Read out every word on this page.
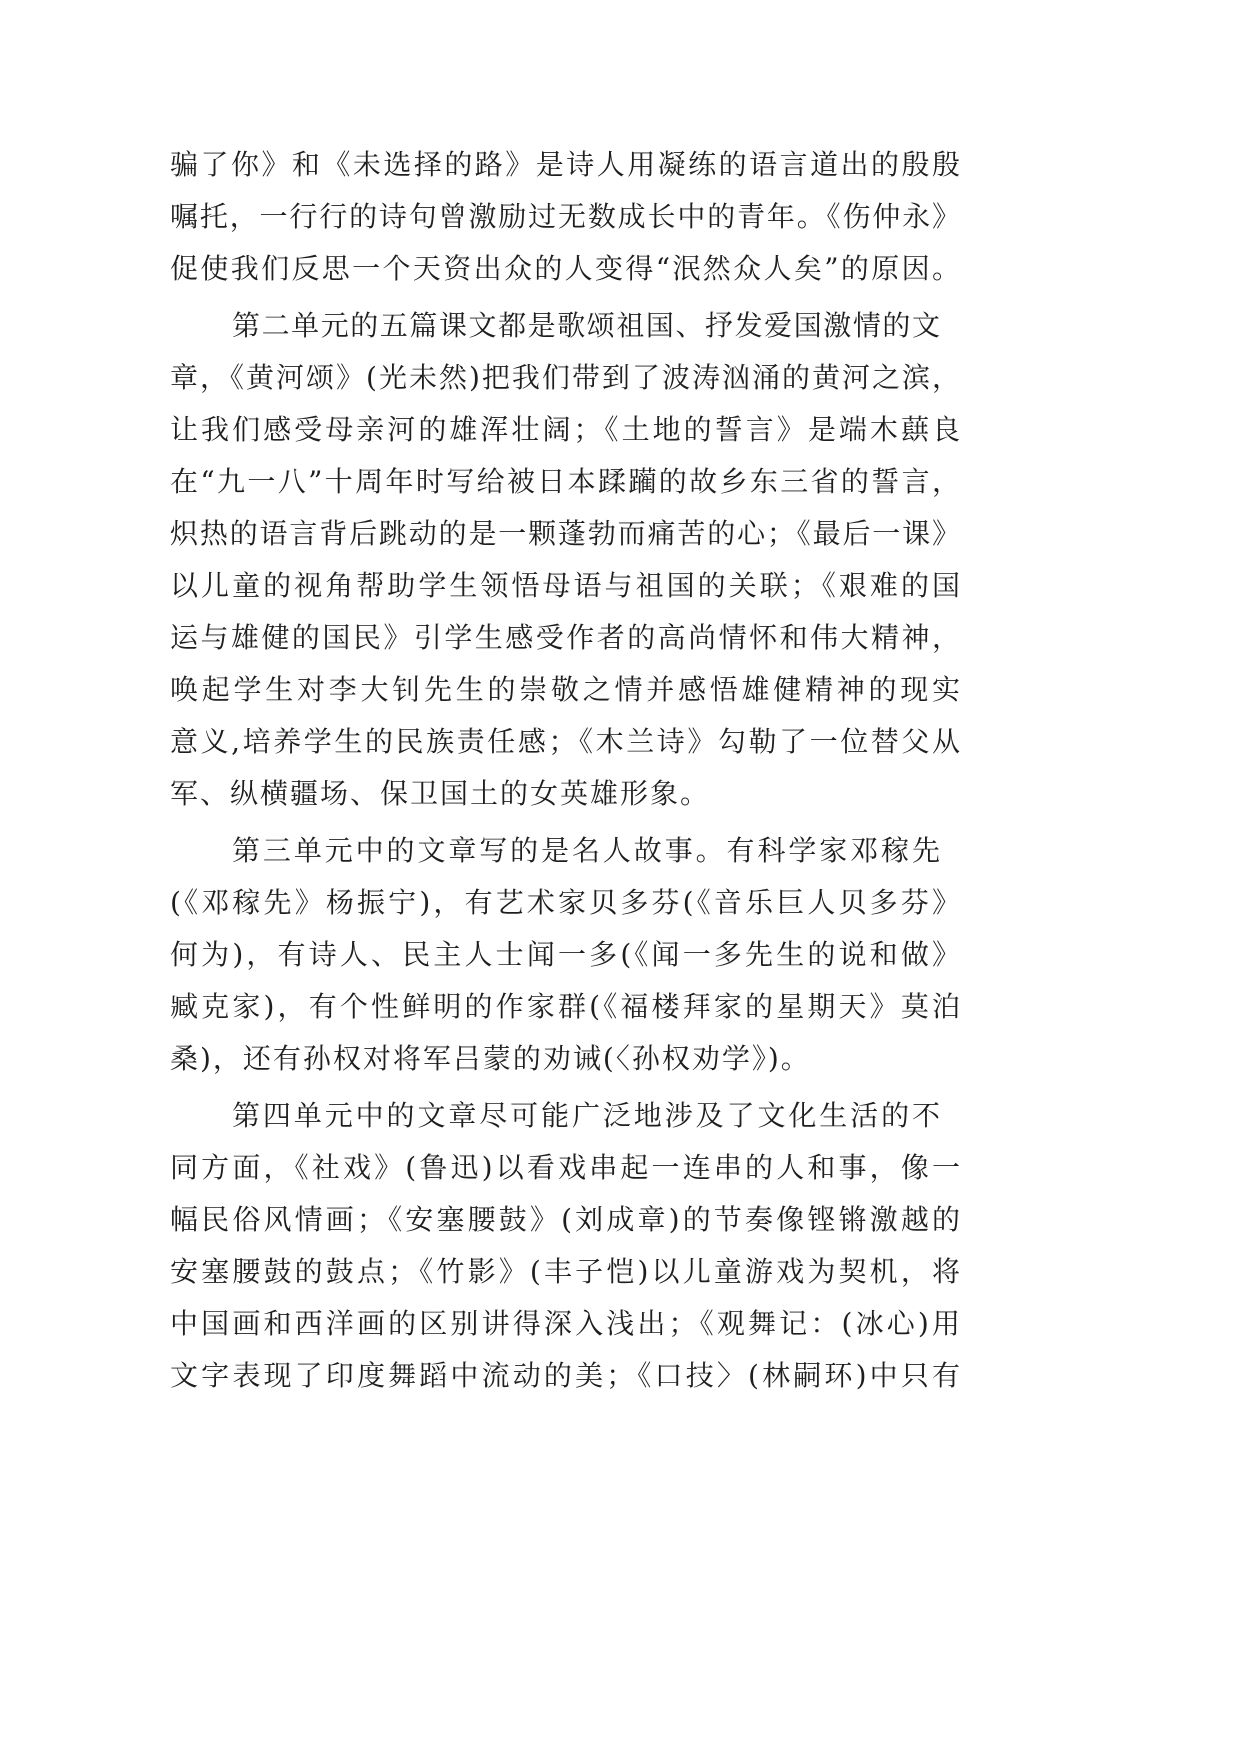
骗了你》和《未选择的路》是诗人用凝练的语言道出的殷殷
嘱托，一行行的诗句曾激励过无数成长中的青年。《伤仲永》
促使我们反思一个天资出众的人变得“泯然众人矣”的原因。
第二单元的五篇课文都是歌颂祖国、抒发爱国激情的文
章，《黄河颂》(光未然)把我们带到了波涛汹涌的黄河之滨，
让我们感受母亲河的雄浑壮阔；《土地的誓言》是端木蕻良
在“九一八”十周年时写给被日本蹂躏的故乡东三省的誓言，
炽热的语言背后跳动的是一颗蓬勃而痛苦的心；《最后一课》
以儿童的视角帮助学生领悟母语与祖国的关联；《艰难的国
运与雄健的国民》引学生感受作者的高尚情怀和伟大精神，
唤起学生对李大钊先生的崇敬之情并感悟雄健精神的现实
意义,培养学生的民族责任感；《木兰诗》勾勒了一位替父从
军、纵横疆场、保卫国土的女英雄形象。
第三单元中的文章写的是名人故事。有科学家邓稼先
(《邓稼先》杨振宁)，有艺术家贝多芬(《音乐巨人贝多芬》
何为)，有诗人、民主人士闻一多(《闻一多先生的说和做》
臧克家)，有个性鲜明的作家群(《福楼拜家的星期天》莫泊
桑)，还有孙权对将军吕蒙的劝诫(〈孙权劝学》)。
第四单元中的文章尽可能广泛地涉及了文化生活的不
同方面，《社戏》(鲁迅)以看戏串起一连串的人和事，像一
幅民俗风情画；《安塞腰鼓》(刘成章)的节奏像铿锵激越的
安塞腰鼓的鼓点；《竹影》(丰子恺)以儿童游戏为契机，将
中国画和西洋画的区别讲得深入浅出；《观舞记：(冰心)用
文字表现了印度舞蹈中流动的美；《口技〉(林嗣环)中只有
